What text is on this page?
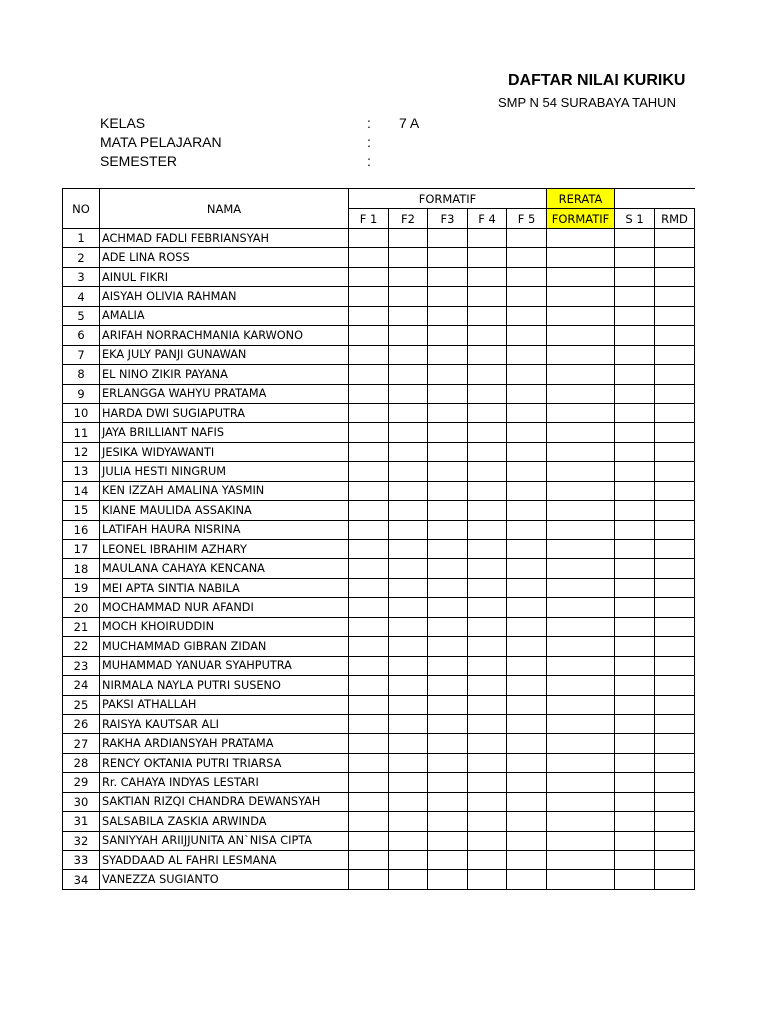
DAFTAR NILAI KURIKU
SMP N 54 SURABAYA TAHUN
KELAS	: 7 A
MATA PELAJARAN	:
SEMESTER	:
NO	NAMA	FORMATIF					RERATA		
		F 1	F2	F3	F 4	F 5	FORMATIF	S 1	RMD
1	ACHMAD FADLI FEBRIANSYAH								
2	ADE LINA ROSS								
3	AINUL FIKRI								
4	AISYAH OLIVIA RAHMAN								
5	AMALIA								
6	ARIFAH NORRACHMANIA KARWONO								
7	EKA JULY PANJI GUNAWAN								
8	EL NINO ZIKIR PAYANA								
9	ERLANGGA WAHYU PRATAMA								
10	HARDA DWI SUGIAPUTRA								
11	JAYA BRILLIANT NAFIS								
12	JESIKA WIDYAWANTI								
13	JULIA HESTI NINGRUM								
14	KEN IZZAH AMALINA YASMIN								
15	KIANE MAULIDA ASSAKINA								
16	LATIFAH HAURA NISRINA								
17	LEONEL IBRAHIM AZHARY								
18	MAULANA CAHAYA KENCANA								
19	MEI APTA SINTIA NABILA								
20	MOCHAMMAD NUR AFANDI								
21	MOCH KHOIRUDDIN								
22	MUCHAMMAD GIBRAN ZIDAN								
23	MUHAMMAD YANUAR SYAHPUTRA								
24	NIRMALA NAYLA PUTRI SUSENO								
25	PAKSI ATHALLAH								
26	RAISYA KAUTSAR ALI								
27	RAKHA ARDIANSYAH PRATAMA								
28	RENCY OKTANIA PUTRI TRIARSA								
29	Rr. CAHAYA INDYAS LESTARI								
30	SAKTIAN RIZQI CHANDRA DEWANSYAH								
31	SALSABILA ZASKIA ARWINDA								
32	SANIYYAH ARIIJJUNITA AN`NISA CIPTA								
33	SYADDAAD AL FAHRI LESMANA								
34	VANEZZA SUGIANTO								
